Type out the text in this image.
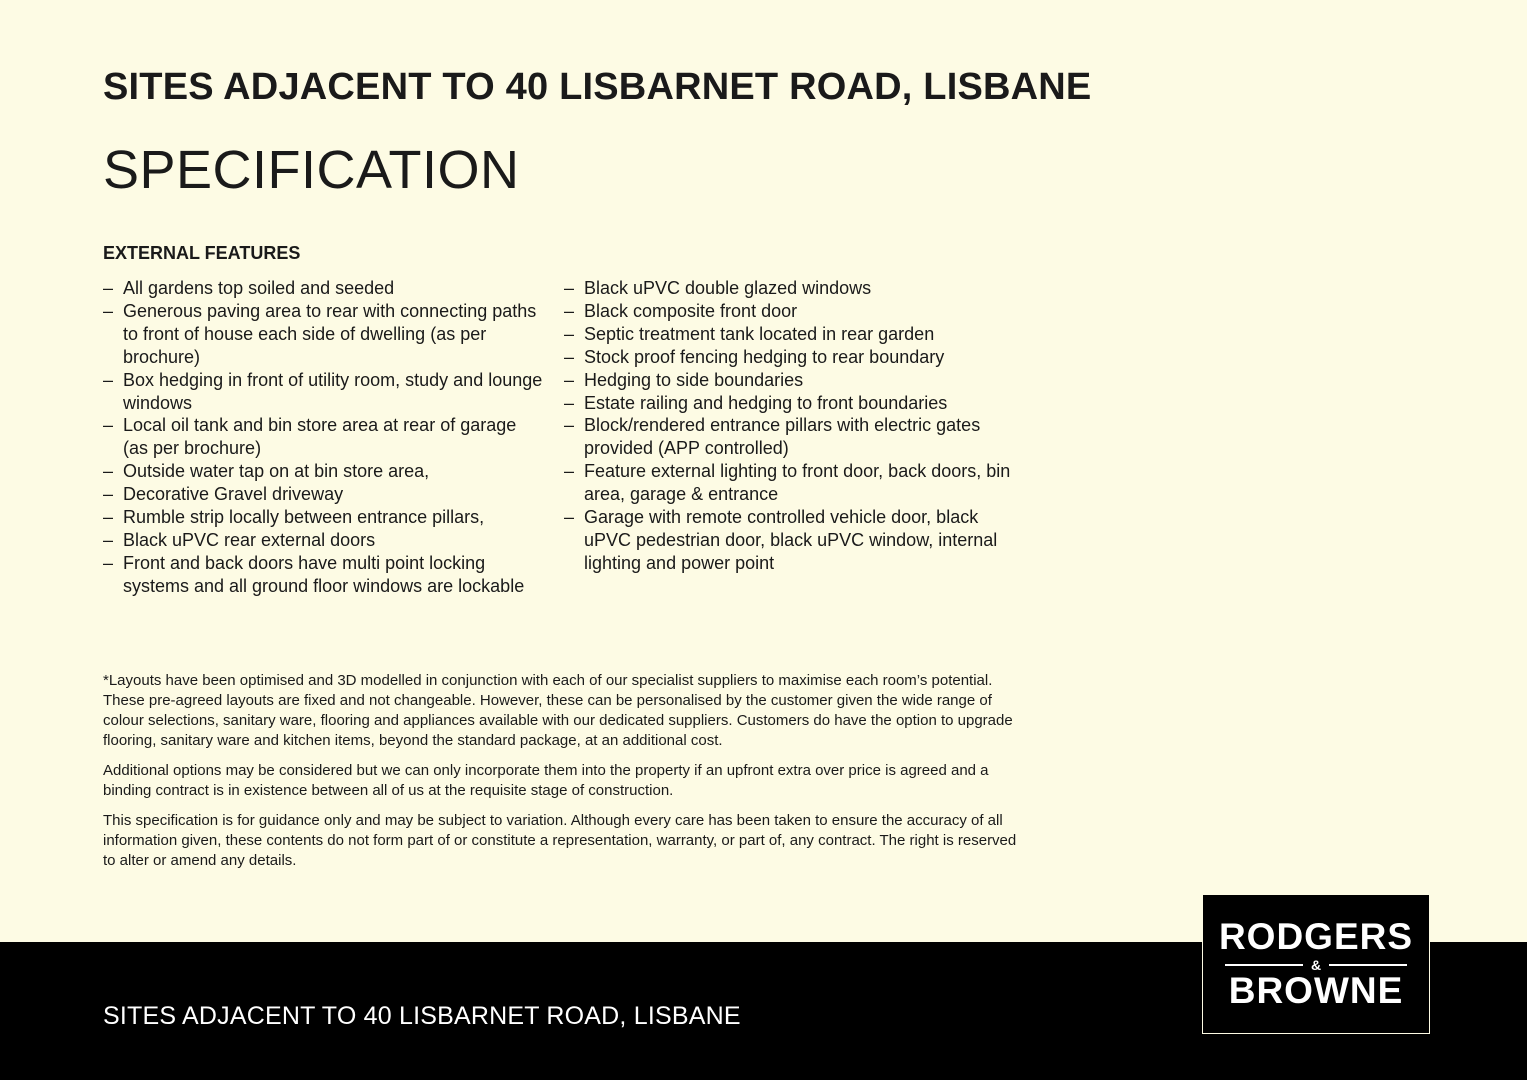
SITES ADJACENT TO 40 LISBARNET ROAD, LISBANE
SPECIFICATION
EXTERNAL FEATURES
– All gardens top soiled and seeded
– Generous paving area to rear with connecting paths to front of house each side of dwelling (as per brochure)
– Box hedging in front of utility room, study and lounge windows
– Local oil tank and bin store area at rear of garage (as per brochure)
– Outside water tap on at bin store area,
– Decorative Gravel driveway
– Rumble strip locally between entrance pillars,
– Black uPVC rear external doors
– Front and back doors have multi point locking systems and all ground floor windows are lockable
– Black uPVC double glazed windows
– Black composite front door
– Septic treatment tank located in rear garden
– Stock proof fencing hedging to rear boundary
– Hedging to side boundaries
– Estate railing and hedging to front boundaries
– Block/rendered entrance pillars with electric gates provided (APP controlled)
– Feature external lighting to front door, back doors, bin area, garage & entrance
– Garage with remote controlled vehicle door, black uPVC pedestrian door, black uPVC window, internal lighting and power point

*Layouts have been optimised and 3D modelled in conjunction with each of our specialist suppliers to maximise each room’s potential. These pre-agreed layouts are fixed and not changeable. However, these can be personalised by the customer given the wide range of colour selections, sanitary ware, flooring and appliances available with our dedicated suppliers. Customers do have the option to upgrade flooring, sanitary ware and kitchen items, beyond the standard package, at an additional cost.

Additional options may be considered but we can only incorporate them into the property if an upfront extra over price is agreed and a binding contract is in existence between all of us at the requisite stage of construction.

This specification is for guidance only and may be subject to variation. Although every care has been taken to ensure the accuracy of all information given, these contents do not form part of or constitute a representation, warranty, or part of, any contract. The right is reserved to alter or amend any details.

SITES ADJACENT TO 40 LISBARNET ROAD, LISBANE
RODGERS
&
BROWNE
